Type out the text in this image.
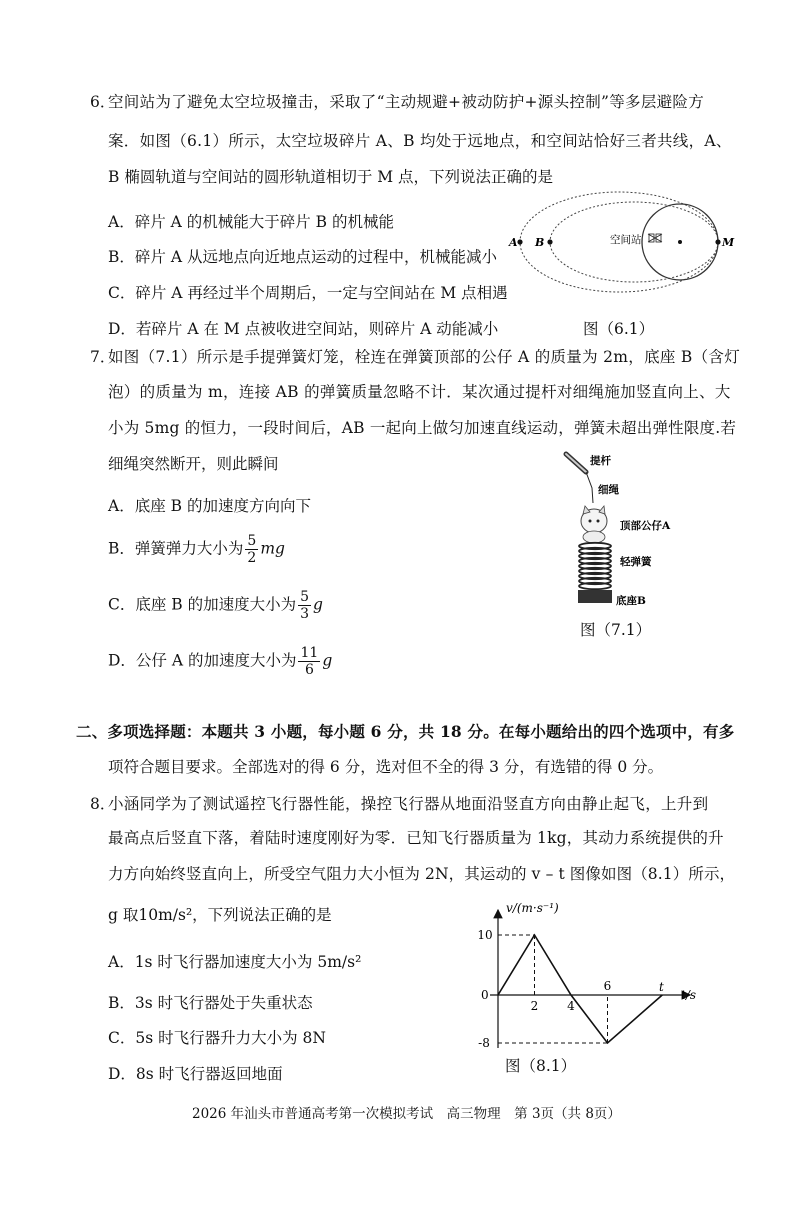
6．
空间站为了避免太空垃圾撞击，采取了“主动规避+被动防护+源头控制”等多层避险方
案．如图（6.1）所示，太空垃圾碎片 A、B 均处于远地点，和空间站恰好三者共线，A、
B 椭圆轨道与空间站的圆形轨道相切于 M 点，下列说法正确的是
A．碎片 A 的机械能大于碎片 B 的机械能
B．碎片 A 从远地点向近地点运动的过程中，机械能减小
C．碎片 A 再经过半个周期后，一定与空间站在 M 点相遇
D．若碎片 A 在 M 点被收进空间站，则碎片 A 动能减小
A B	空间站	M
图（6.1）
7．
如图（7.1）所示是手提弹簧灯笼，栓连在弹簧顶部的公仔 A 的质量为 2m，底座 B（含灯
泡）的质量为 m，连接 AB 的弹簧质量忽略不计．某次通过提杆对细绳施加竖直向上、大
小为 5mg 的恒力，一段时间后，AB 一起向上做匀加速直线运动，弹簧未超出弹性限度.若
细绳突然断开，则此瞬间
A．底座 B 的加速度方向向下
B．弹簧弹力大小为 $\frac{5}{2}$ mg
C．底座 B 的加速度大小为 $\frac{5}{3}$ g
D．公仔 A 的加速度大小为 $\frac{11}{6}$ g
提杆
细绳
顶部公仔A
轻弹簧
底座B
图（7.1）
二、多项选择题：本题共 3 小题，每小题 6 分，共 18 分。在每小题给出的四个选项中，有多
项符合题目要求。全部选对的得 6 分，选对但不全的得 3 分，有选错的得 0 分。
8．
小涵同学为了测试遥控飞行器性能，操控飞行器从地面沿竖直方向由静止起飞，上升到
最高点后竖直下落，着陆时速度刚好为零．已知飞行器质量为 1kg，其动力系统提供的升
力方向始终竖直向上，所受空气阻力大小恒为 2N，其运动的 v – t 图像如图（8.1）所示，
g 取10m/s²，下列说法正确的是
A．1s 时飞行器加速度大小为 5m/s²
B．3s 时飞行器处于失重状态
C．5s 时飞行器升力大小为 8N
D．8s 时飞行器返回地面
10
-8
2 4
6
v/(m·s⁻¹)
t/s
0
t
图（8.1）
2026 年汕头市普通高考第一次模拟考试　高三物理　第 3页（共 8页）
